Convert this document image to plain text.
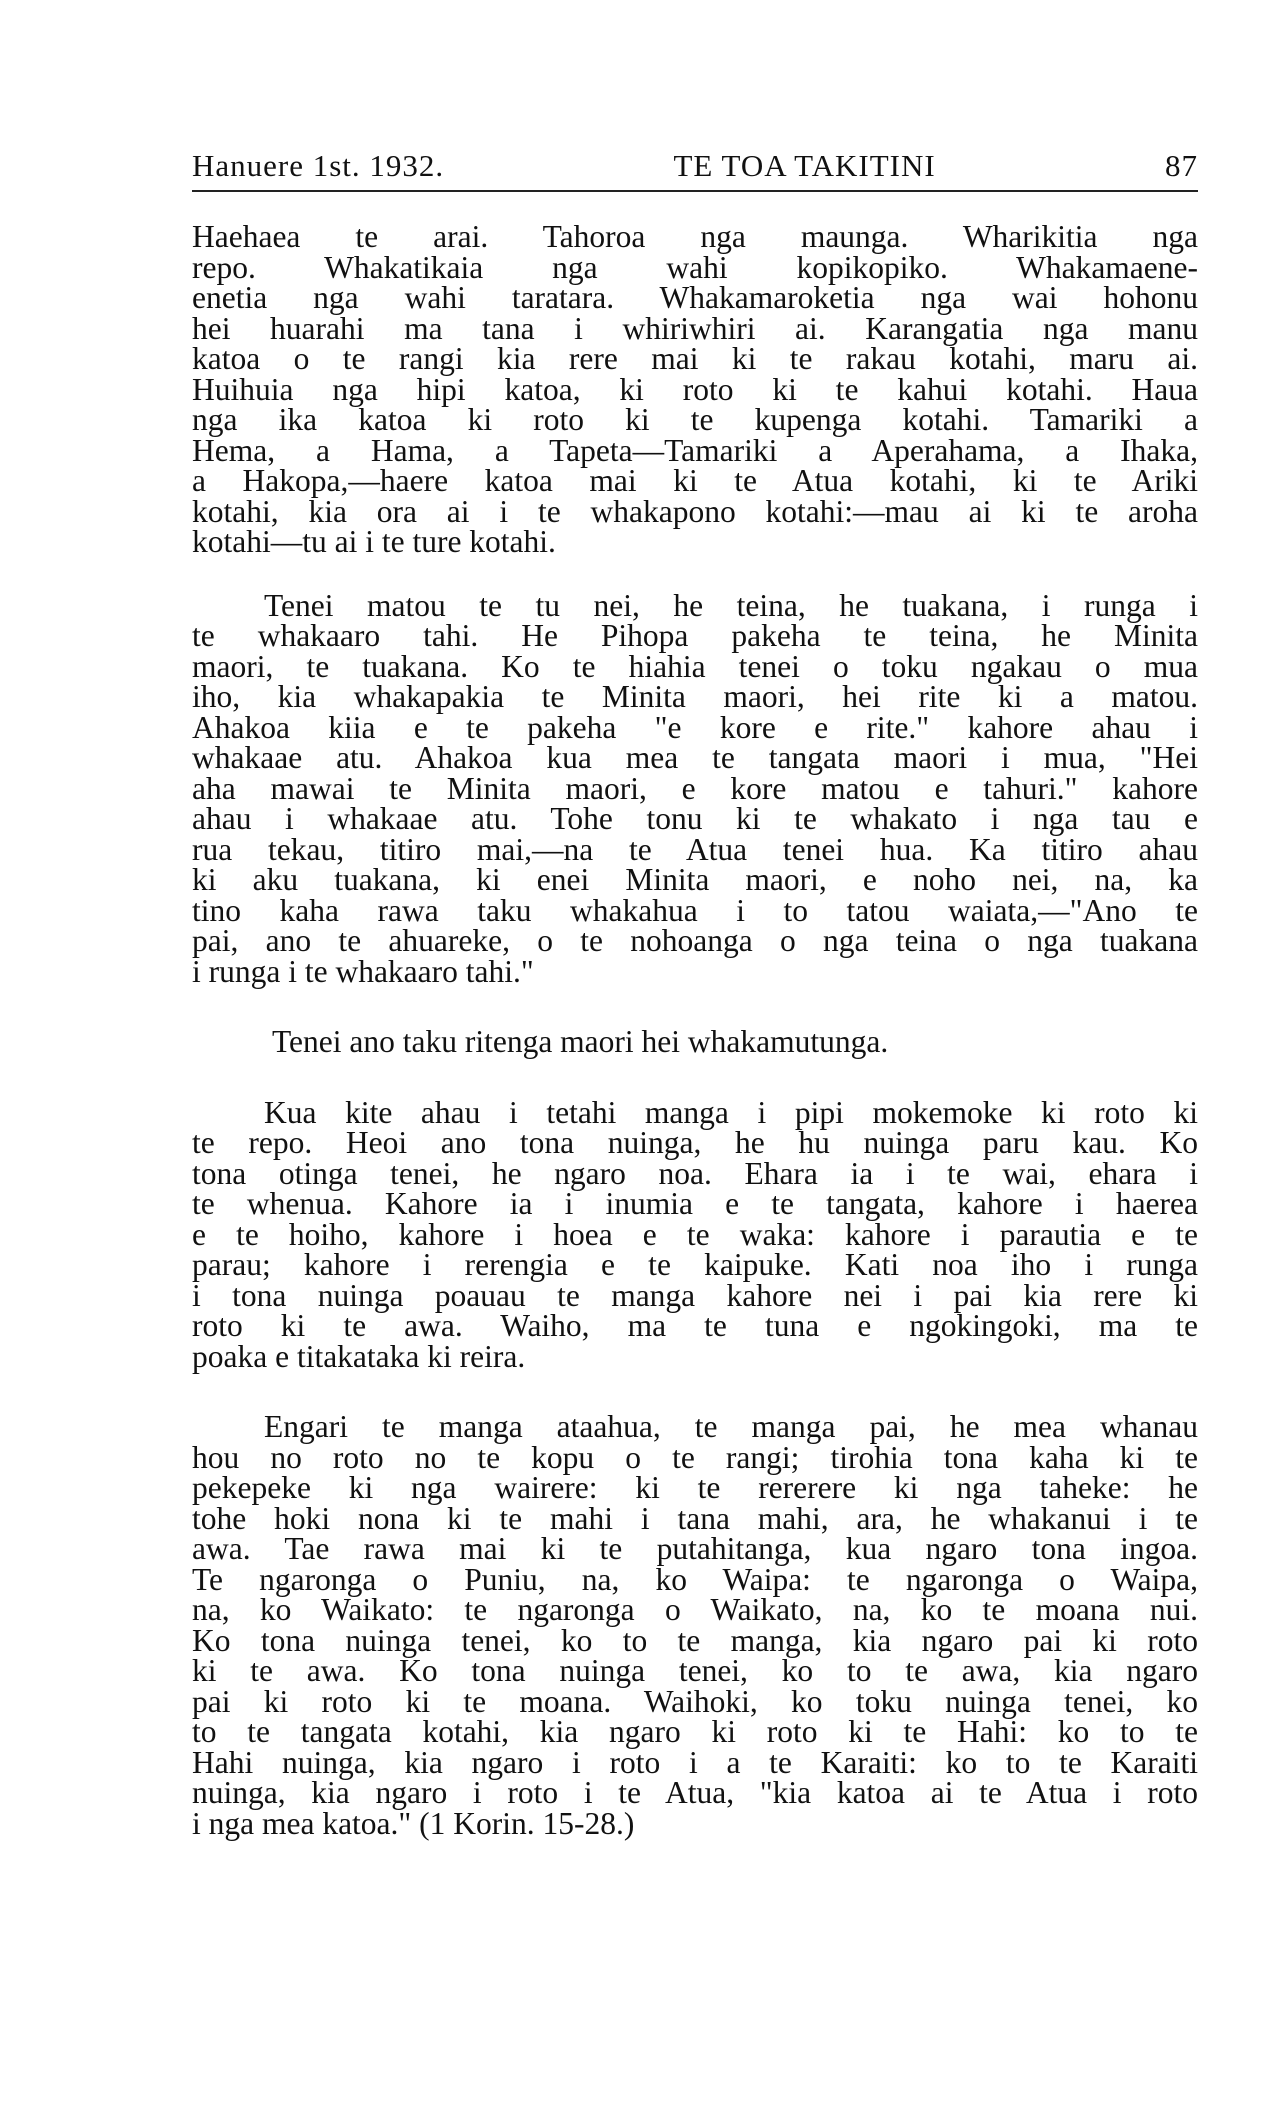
Hanuere 1st. 1932.	TE TOA TAKITINI	87

Haehaea te arai. Tahoroa nga maunga. Wharikitia nga
repo. Whakatikaia nga wahi kopikopiko. Whakamaene-
enetia nga wahi taratara. Whakamaroketia nga wai hohonu
hei huarahi ma tana i whiriwhiri ai. Karangatia nga manu
katoa o te rangi kia rere mai ki te rakau kotahi, maru ai.
Huihuia nga hipi katoa, ki roto ki te kahui kotahi. Haua
nga ika katoa ki roto ki te kupenga kotahi. Tamariki a
Hema, a Hama, a Tapeta—Tamariki a Aperahama, a Ihaka,
a Hakopa,—haere katoa mai ki te Atua kotahi, ki te Ariki
kotahi, kia ora ai i te whakapono kotahi:—mau ai ki te aroha
kotahi—tu ai i te ture kotahi.

Tenei matou te tu nei, he teina, he tuakana, i runga i
te whakaaro tahi. He Pihopa pakeha te teina, he Minita
maori, te tuakana. Ko te hiahia tenei o toku ngakau o mua
iho, kia whakapakia te Minita maori, hei rite ki a matou.
Ahakoa kiia e te pakeha "e kore e rite." kahore ahau i
whakaae atu. Ahakoa kua mea te tangata maori i mua, "Hei
aha mawai te Minita maori, e kore matou e tahuri." kahore
ahau i whakaae atu. Tohe tonu ki te whakato i nga tau e
rua tekau, titiro mai,—na te Atua tenei hua. Ka titiro ahau
ki aku tuakana, ki enei Minita maori, e noho nei, na, ka
tino kaha rawa taku whakahua i to tatou waiata,—"Ano te
pai, ano te ahuareke, o te nohoanga o nga teina o nga tuakana
i runga i te whakaaro tahi."

Tenei ano taku ritenga maori hei whakamutunga.

Kua kite ahau i tetahi manga i pipi mokemoke ki roto ki
te repo. Heoi ano tona nuinga, he hu nuinga paru kau. Ko
tona otinga tenei, he ngaro noa. Ehara ia i te wai, ehara i
te whenua. Kahore ia i inumia e te tangata, kahore i haerea
e te hoiho, kahore i hoea e te waka: kahore i parautia e te
parau; kahore i rerengia e te kaipuke. Kati noa iho i runga
i tona nuinga poauau te manga kahore nei i pai kia rere ki
roto ki te awa. Waiho, ma te tuna e ngokingoki, ma te
poaka e titakataka ki reira.

Engari te manga ataahua, te manga pai, he mea whanau
hou no roto no te kopu o te rangi; tirohia tona kaha ki te
pekepeke ki nga wairere: ki te rererere ki nga taheke: he
tohe hoki nona ki te mahi i tana mahi, ara, he whakanui i te
awa. Tae rawa mai ki te putahitanga, kua ngaro tona ingoa.
Te ngaronga o Puniu, na, ko Waipa: te ngaronga o Waipa,
na, ko Waikato: te ngaronga o Waikato, na, ko te moana nui.
Ko tona nuinga tenei, ko to te manga, kia ngaro pai ki roto
ki te awa. Ko tona nuinga tenei, ko to te awa, kia ngaro
pai ki roto ki te moana. Waihoki, ko toku nuinga tenei, ko
to te tangata kotahi, kia ngaro ki roto ki te Hahi: ko to te
Hahi nuinga, kia ngaro i roto i a te Karaiti: ko to te Karaiti
nuinga, kia ngaro i roto i te Atua, "kia katoa ai te Atua i roto
i nga mea katoa." (1 Korin. 15-28.)
